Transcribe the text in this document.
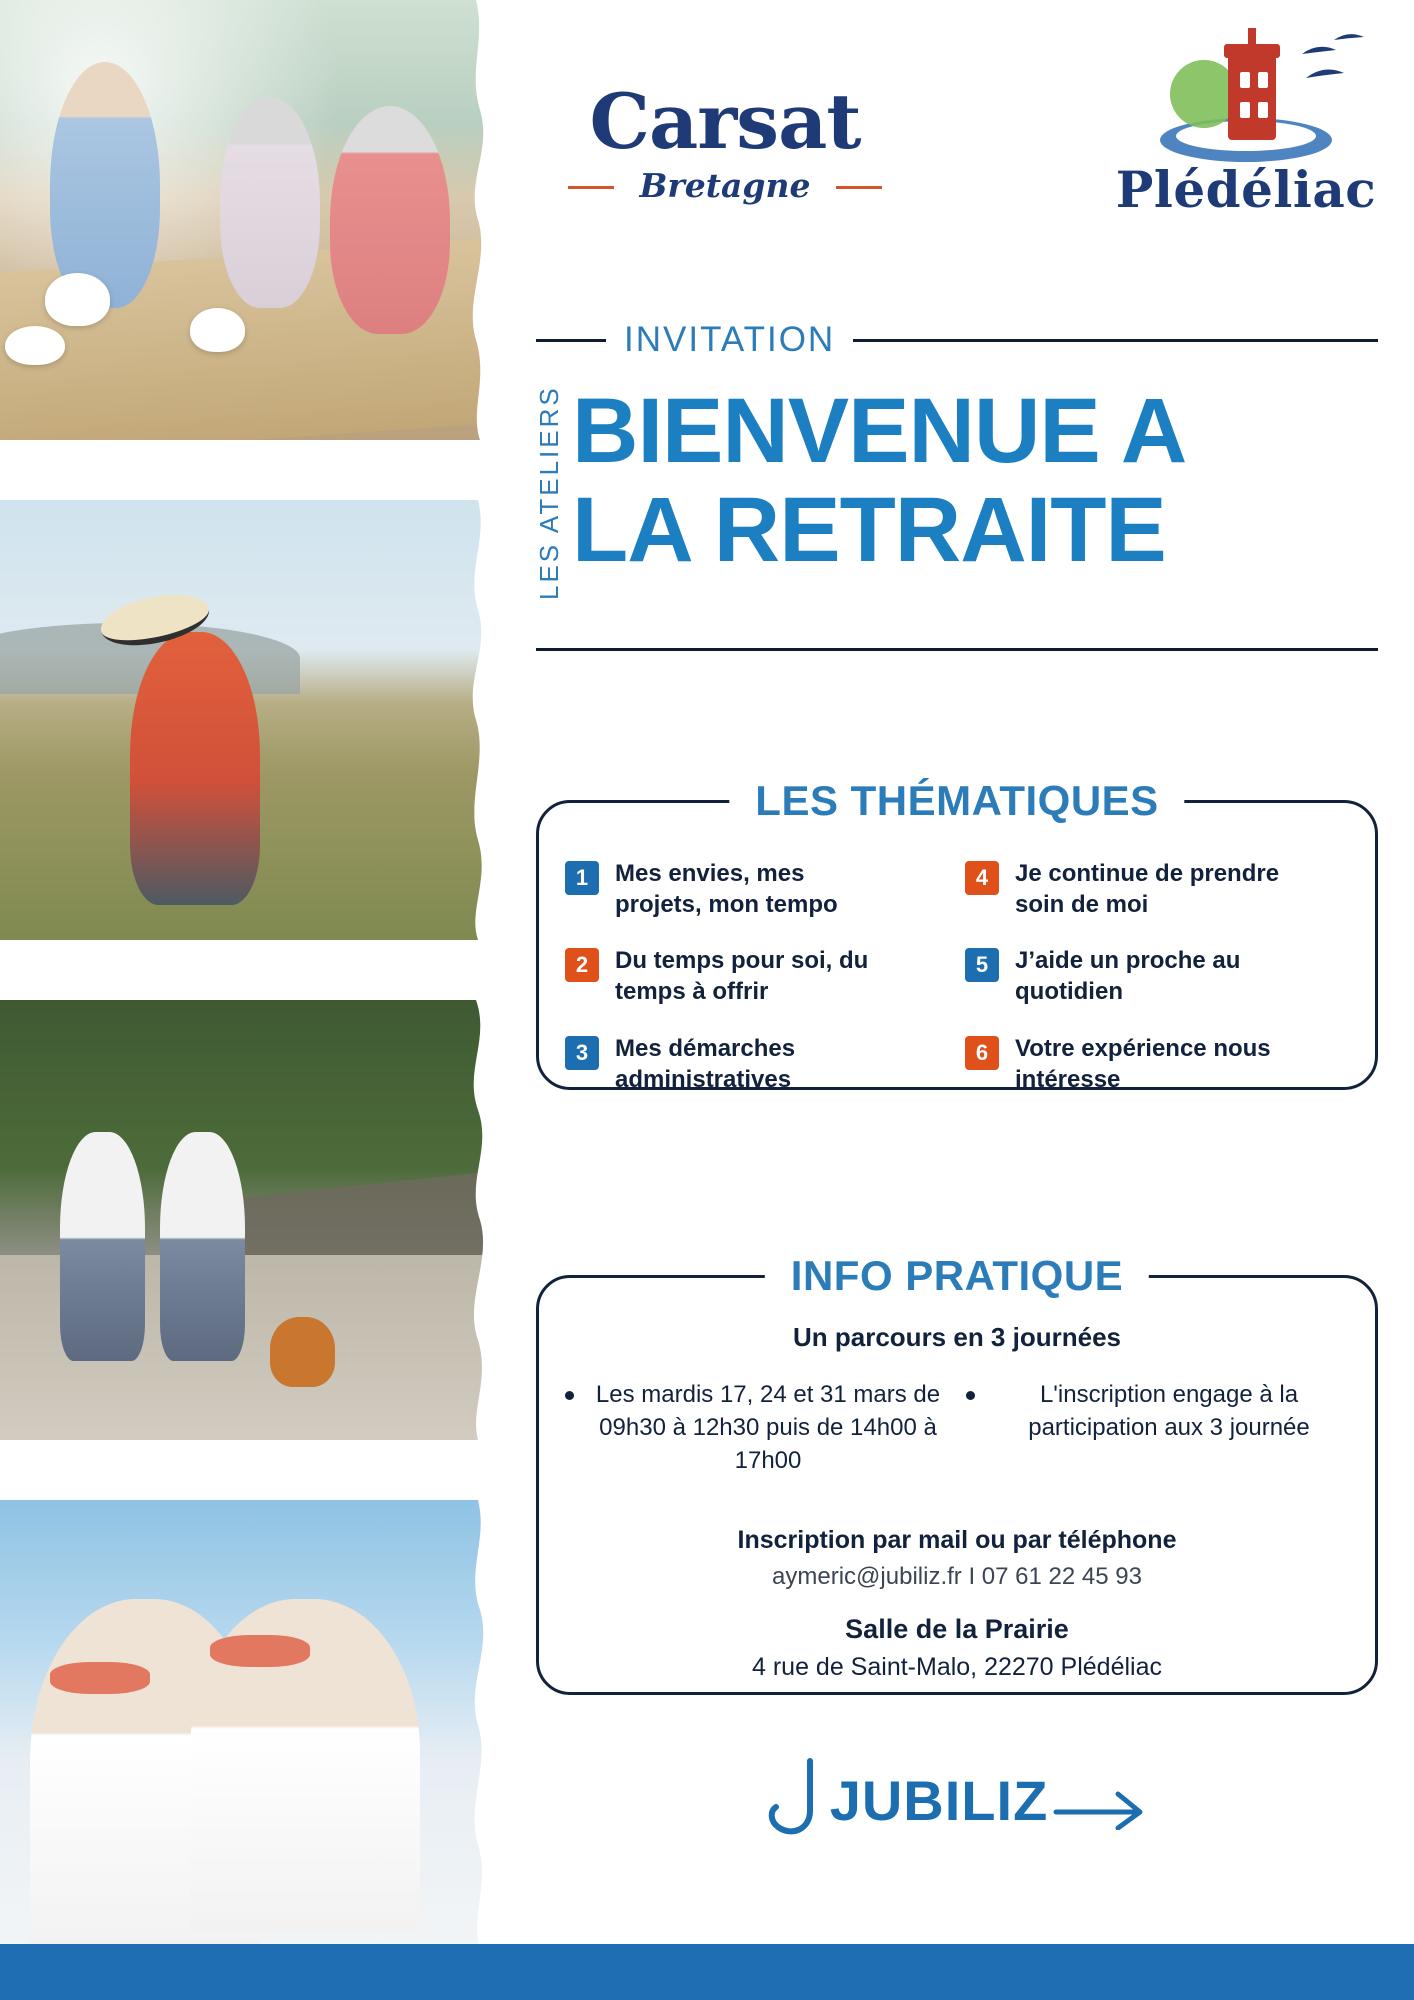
Carsat
Bretagne	Plédéliac
INVITATION
LES ATELIERS BIENVENUE A
LA RETRAITE
LES THÉMATIQUES
1	Mes envies, mes projets, mon tempo
4	Je continue de prendre soin de moi
2	Du temps pour soi, du temps à offrir
5	J’aide un proche au quotidien
3	Mes démarches administratives
6	Votre expérience nous intéresse
INFO PRATIQUE
Un parcours en 3 journées
Les mardis 17, 24 et 31 mars de 09h30 à 12h30 puis de 14h00 à 17h00
L'inscription engage à la participation aux 3 journée
Inscription par mail ou par téléphone
aymeric@jubiliz.fr I 07 61 22 45 93
Salle de la Prairie
4 rue de Saint-Malo, 22270 Plédéliac
JUBILIZ
